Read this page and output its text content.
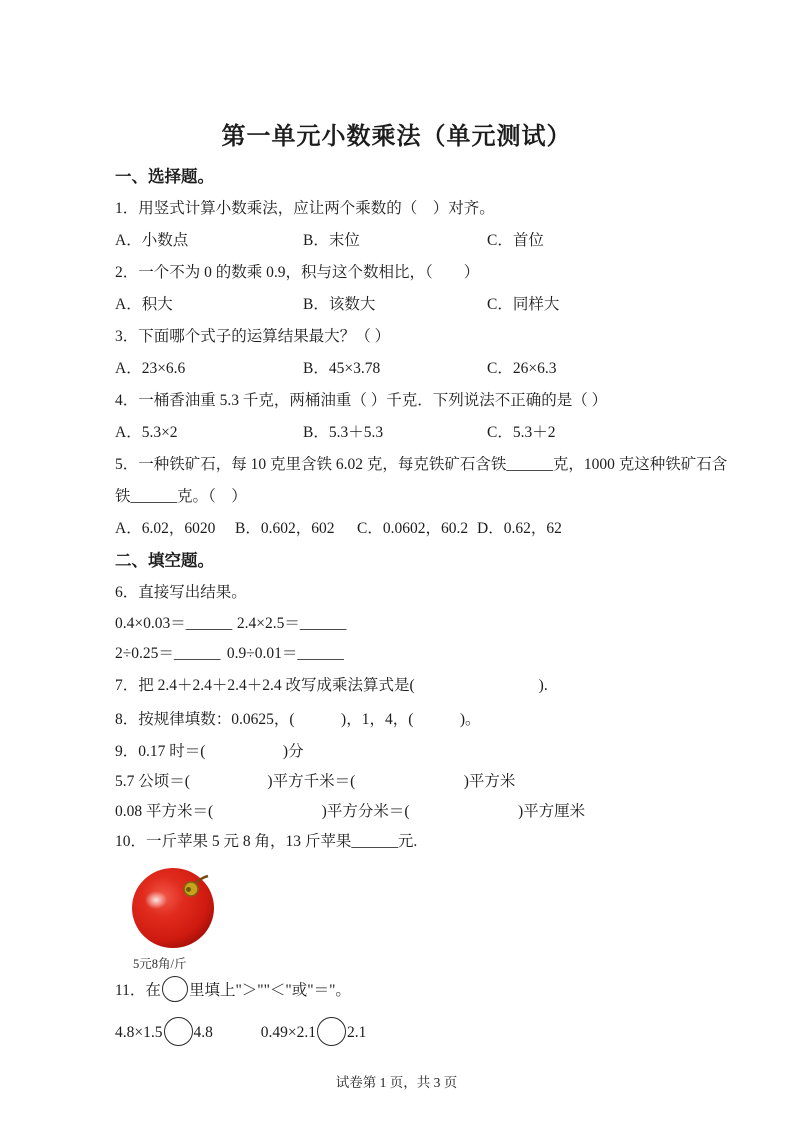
第一单元小数乘法（单元测试）
一、选择题。
1．用竖式计算小数乘法，应让两个乘数的（　）对齐。
A．小数点	B．末位	C．首位
2．一个不为 0 的数乘 0.9，积与这个数相比，（　　）
A．积大	B．该数大	C．同样大
3．下面哪个式子的运算结果最大？（ ）
A．23×6.6	B．45×3.78	C．26×6.3
4．一桶香油重 5.3 千克，两桶油重（ ）千克．下列说法不正确的是（ ）
A．5.3×2	B．5.3＋5.3	C．5.3＋2
5．一种铁矿石，每 10 克里含铁 6.02 克，每克铁矿石含铁______克，1000 克这种铁矿石含
铁______克。（　）
A．6.02，6020	B．0.602，602	C．0.0602，60.2 D．0.62，62
二、填空题。
6．直接写出结果。
0.4×0.03＝______ 2.4×2.5＝______
2÷0.25＝______ 0.9÷0.01＝______
7．把 2.4＋2.4＋2.4＋2.4 改写成乘法算式是(　　　　　　　　).
8．按规律填数：0.0625，(　　　)，1，4，(　　　)。
9．0.17 时＝(　　　　　)分
5.7 公顷＝(　　　　　)平方千米＝(　　　　　　　)平方米
0.08 平方米＝(　　　　　　　)平方分米＝(　　　　　　　)平方厘米
10．一斤苹果 5 元 8 角，13 斤苹果______元.
5元8角/斤
11．在 里填上"＞""＜"或"＝"。
4.8×1.5 4.8	0.49×2.1 2.1
试卷第 1 页，共 3 页
